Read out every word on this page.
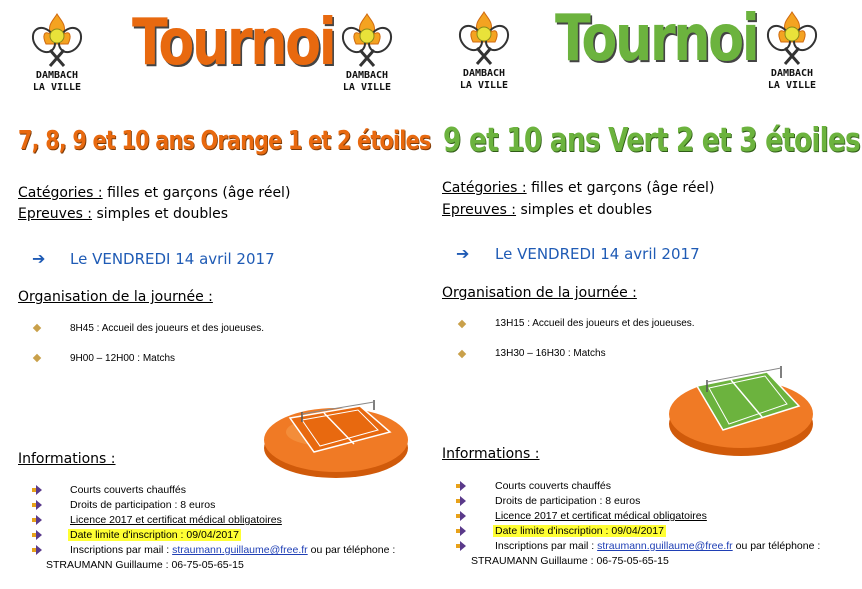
DAMBACH
LA VILLE
Tournoi	DAMBACH
LA VILLE
7, 8, 9 et 10 ans Orange 1 et 2 étoiles
Catégories : filles et garçons (âge réel)
Epreuves : simples et doubles
➔ Le VENDREDI 14 avril 2017
Organisation de la journée :
8H45 : Accueil des joueurs et des joueuses.
9H00 – 12H00 : Matchs
Informations :
Courts couverts chauffés
Droits de participation : 8 euros
Licence 2017 et certificat médical obligatoires
Date limite d'inscription : 09/04/2017
Inscriptions par mail : straumann.guillaume@free.fr ou par téléphone :
STRAUMANN Guillaume : 06-75-05-65-15
DAMBACH
LA VILLE
Tournoi	DAMBACH
LA VILLE
9 et 10 ans Vert 2 et 3 étoiles
Catégories : filles et garçons (âge réel)
Epreuves : simples et doubles
➔ Le VENDREDI 14 avril 2017
Organisation de la journée :
13H15 : Accueil des joueurs et des joueuses.
13H30 – 16H30 : Matchs
Informations :
Courts couverts chauffés
Droits de participation : 8 euros
Licence 2017 et certificat médical obligatoires
Date limite d'inscription : 09/04/2017
Inscriptions par mail : straumann.guillaume@free.fr ou par téléphone :
STRAUMANN Guillaume : 06-75-05-65-15
